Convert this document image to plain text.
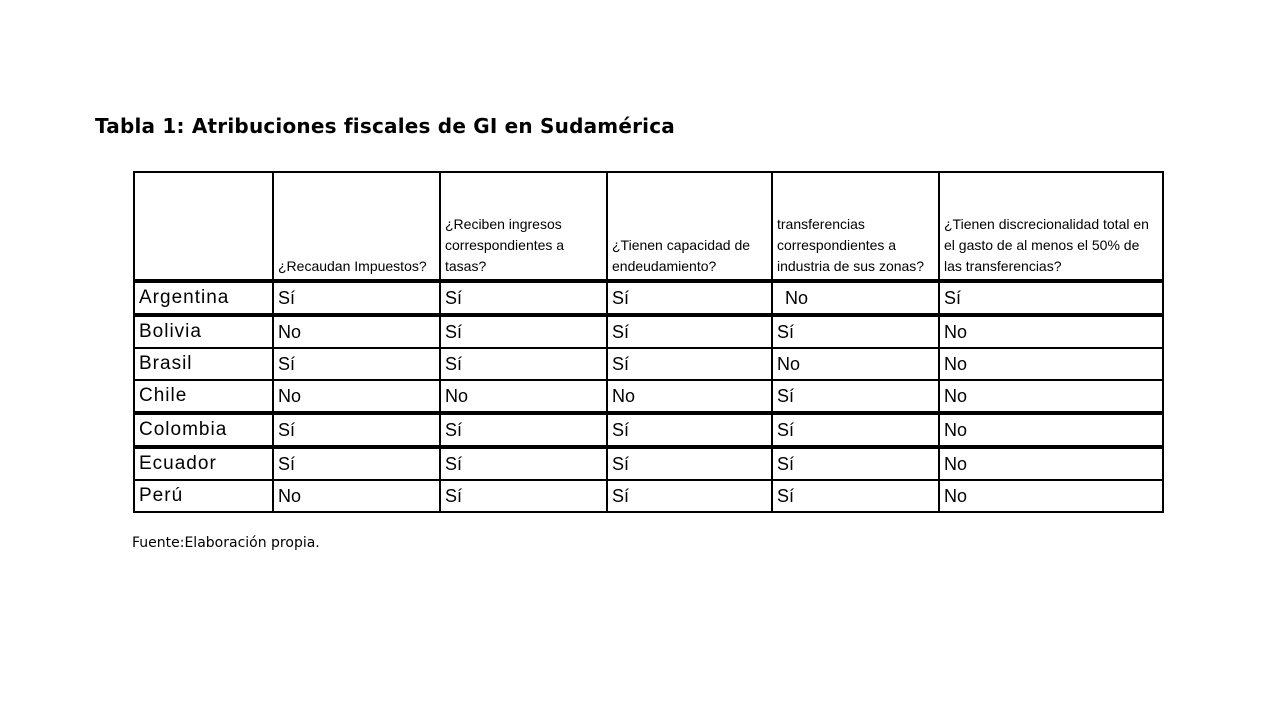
Tabla 1: Atribuciones fiscales de GI en Sudamérica
	¿Recaudan Impuestos?	¿Reciben ingresos correspondientes a tasas?	¿Tienen capacidad de endeudamiento?	transferencias correspondientes a industria de sus zonas?	¿Tienen discrecionalidad total en el gasto de al menos el 50% de las transferencias?
Argentina	Sí	Sí	Sí	No	Sí
Bolivia	No	Sí	Sí	Sí	No
Brasil	Sí	Sí	Sí	No	No
Chile	No	No	No	Sí	No
Colombia	Sí	Sí	Sí	Sí	No
Ecuador	Sí	Sí	Sí	Sí	No
Perú	No	Sí	Sí	Sí	No
Fuente:Elaboración propia.
